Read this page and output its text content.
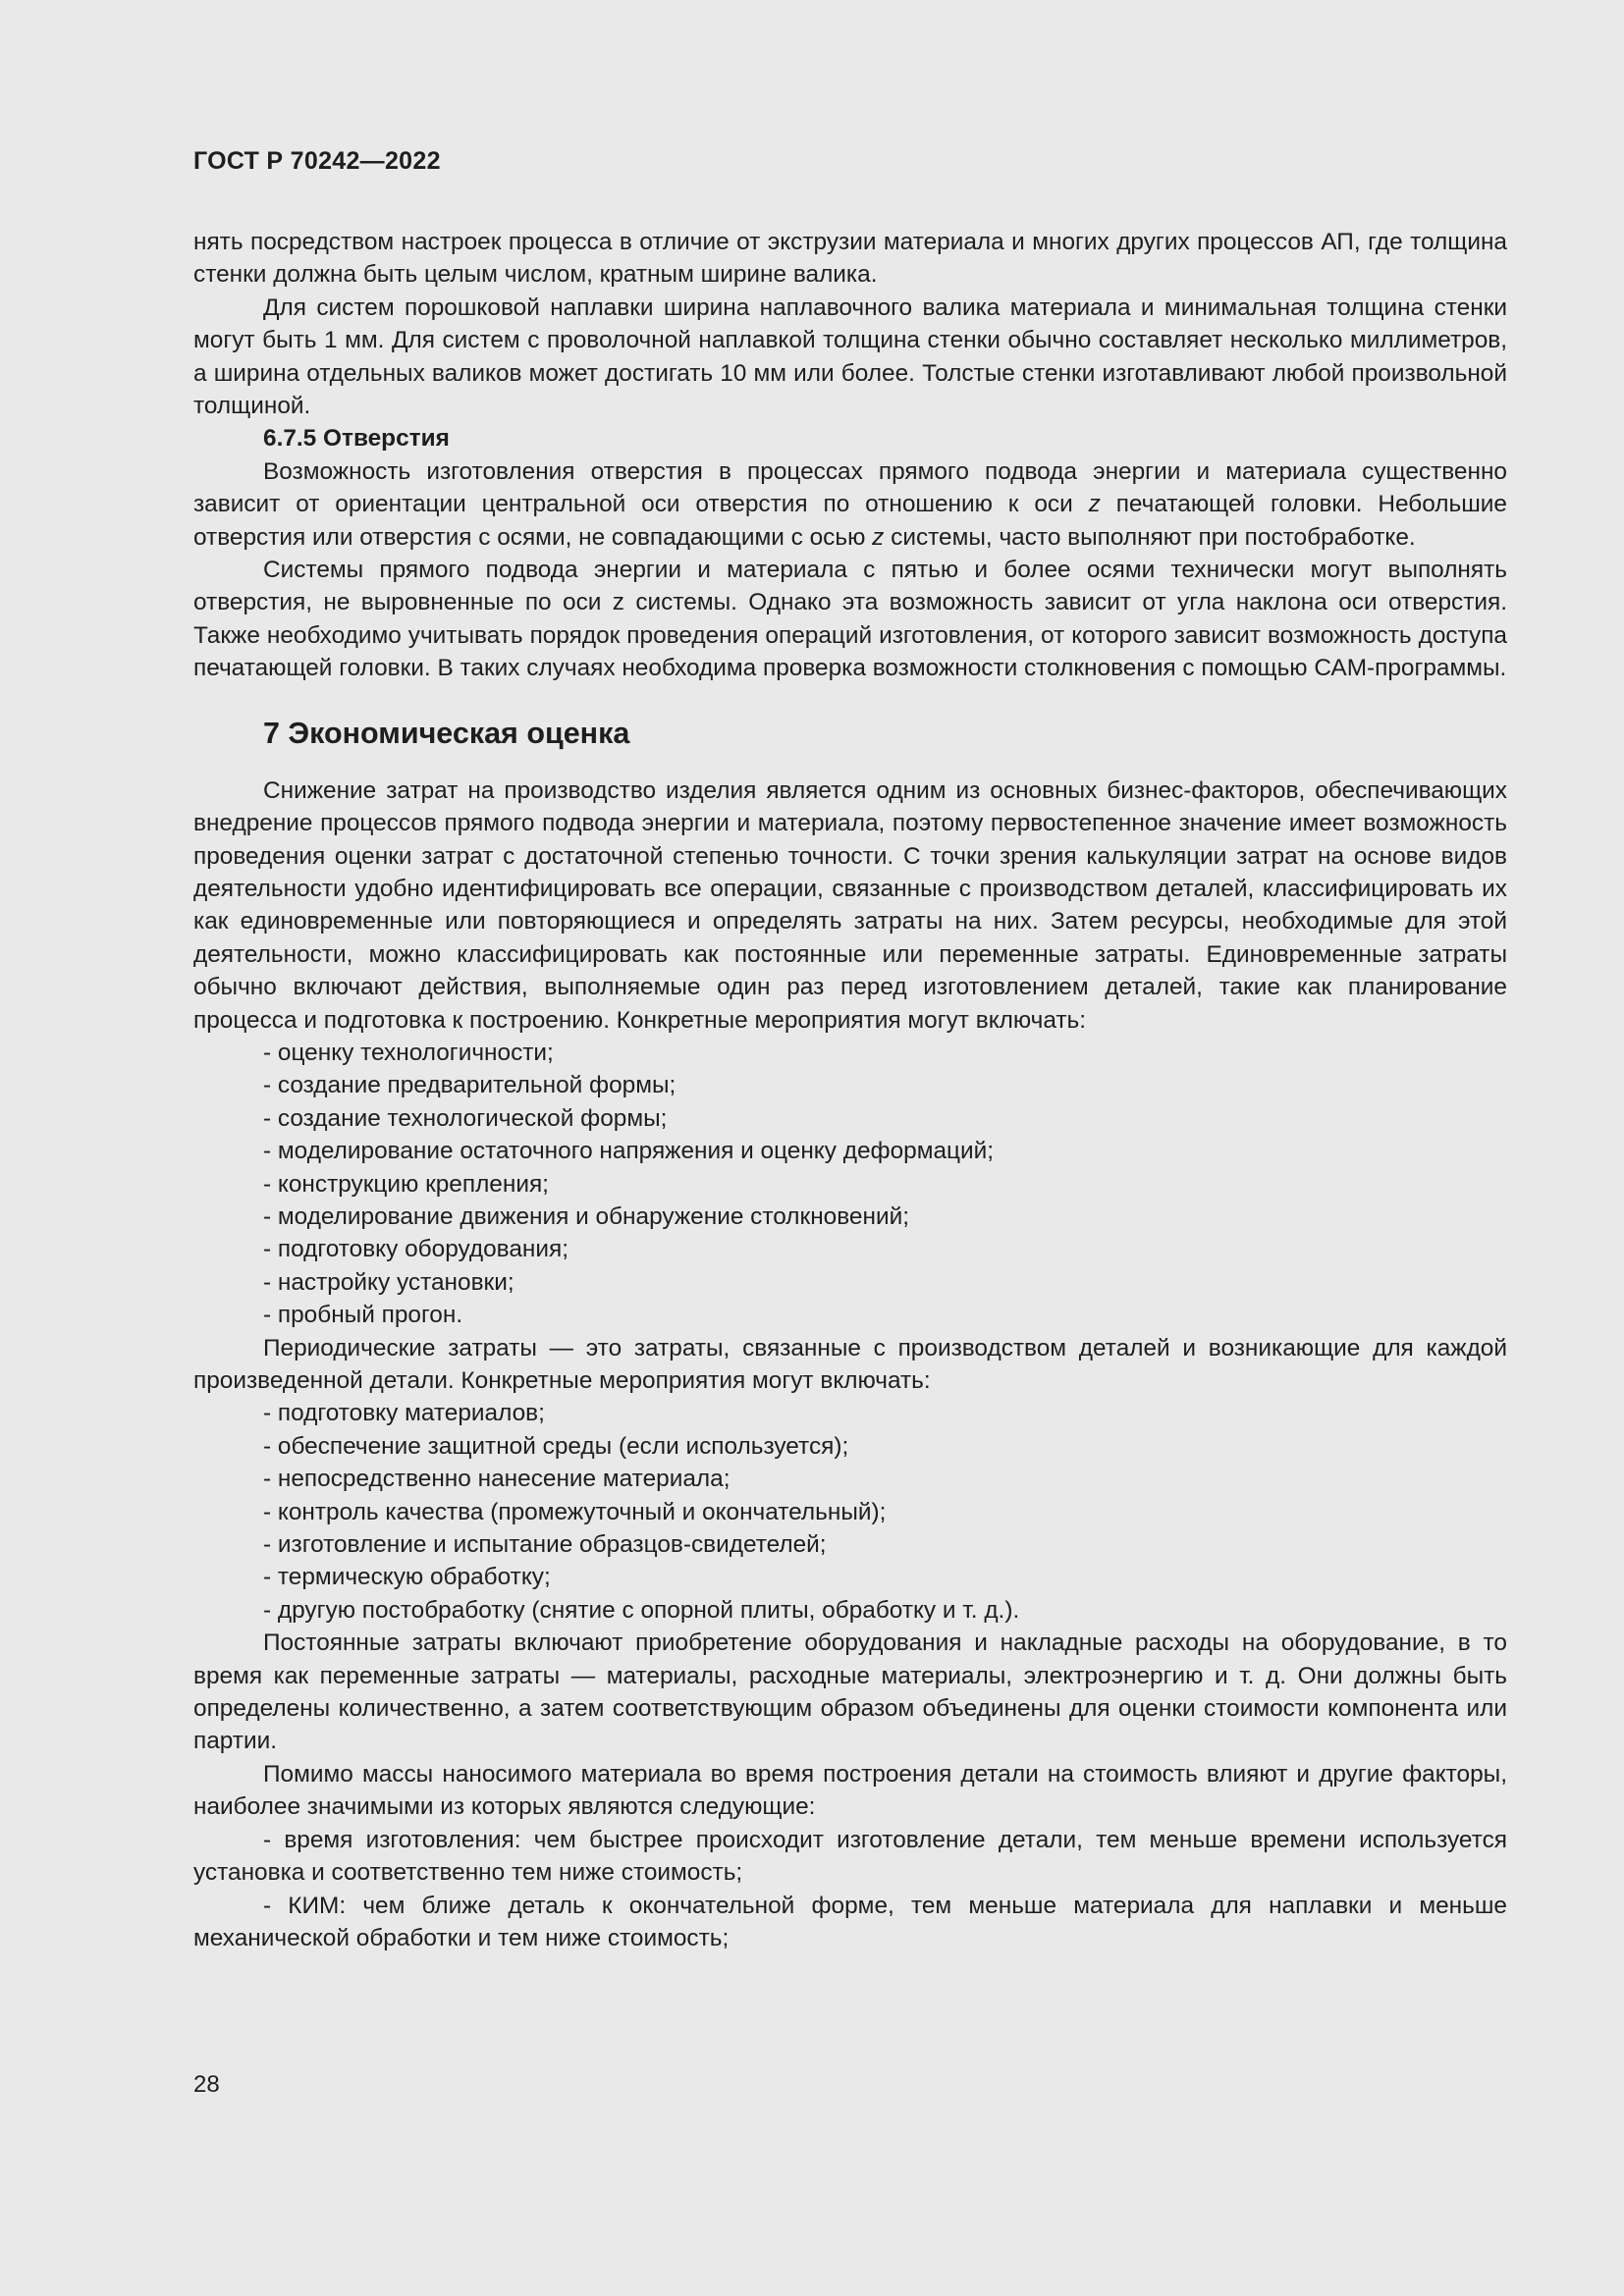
ГОСТ Р 70242—2022

нять посредством настроек процесса в отличие от экструзии материала и многих других процессов АП, где толщина стенки должна быть целым числом, кратным ширине валика.

Для систем порошковой наплавки ширина наплавочного валика материала и минимальная толщина стенки могут быть 1 мм. Для систем с проволочной наплавкой толщина стенки обычно составляет несколько миллиметров, а ширина отдельных валиков может достигать 10 мм или более. Толстые стенки изготавливают любой произвольной толщиной.

6.7.5 Отверстия

Возможность изготовления отверстия в процессах прямого подвода энергии и материала существенно зависит от ориентации центральной оси отверстия по отношению к оси z печатающей головки. Небольшие отверстия или отверстия с осями, не совпадающими с осью z системы, часто выполняют при постобработке.

Системы прямого подвода энергии и материала с пятью и более осями технически могут выполнять отверстия, не выровненные по оси z системы. Однако эта возможность зависит от угла наклона оси отверстия. Также необходимо учитывать порядок проведения операций изготовления, от которого зависит возможность доступа печатающей головки. В таких случаях необходима проверка возможности столкновения с помощью САМ-программы.

7 Экономическая оценка

Снижение затрат на производство изделия является одним из основных бизнес-факторов, обеспечивающих внедрение процессов прямого подвода энергии и материала, поэтому первостепенное значение имеет возможность проведения оценки затрат с достаточной степенью точности. С точки зрения калькуляции затрат на основе видов деятельности удобно идентифицировать все операции, связанные с производством деталей, классифицировать их как единовременные или повторяющиеся и определять затраты на них. Затем ресурсы, необходимые для этой деятельности, можно классифицировать как постоянные или переменные затраты. Единовременные затраты обычно включают действия, выполняемые один раз перед изготовлением деталей, такие как планирование процесса и подготовка к построению. Конкретные мероприятия могут включать:

- оценку технологичности;
- создание предварительной формы;
- создание технологической формы;
- моделирование остаточного напряжения и оценку деформаций;
- конструкцию крепления;
- моделирование движения и обнаружение столкновений;
- подготовку оборудования;
- настройку установки;
- пробный прогон.

Периодические затраты — это затраты, связанные с производством деталей и возникающие для каждой произведенной детали. Конкретные мероприятия могут включать:

- подготовку материалов;
- обеспечение защитной среды (если используется);
- непосредственно нанесение материала;
- контроль качества (промежуточный и окончательный);
- изготовление и испытание образцов-свидетелей;
- термическую обработку;
- другую постобработку (снятие с опорной плиты, обработку и т. д.).

Постоянные затраты включают приобретение оборудования и накладные расходы на оборудование, в то время как переменные затраты — материалы, расходные материалы, электроэнергию и т. д. Они должны быть определены количественно, а затем соответствующим образом объединены для оценки стоимости компонента или партии.

Помимо массы наносимого материала во время построения детали на стоимость влияют и другие факторы, наиболее значимыми из которых являются следующие:

- время изготовления: чем быстрее происходит изготовление детали, тем меньше времени используется установка и соответственно тем ниже стоимость;

- КИМ: чем ближе деталь к окончательной форме, тем меньше материала для наплавки и меньше механической обработки и тем ниже стоимость;

28
